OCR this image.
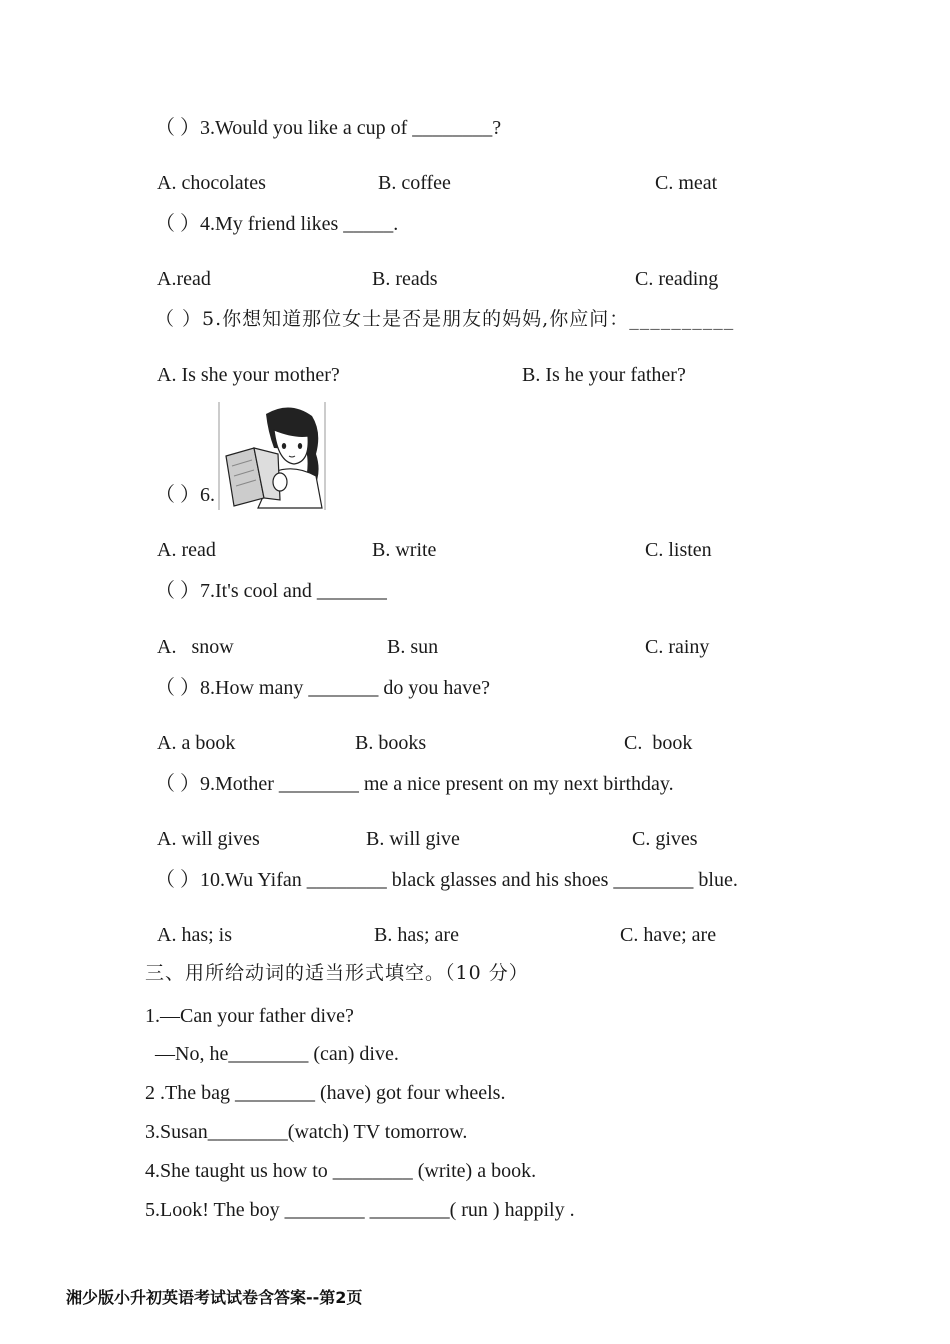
（ ）3.Would you like a cup of ________?
A. chocolates	B. coffee	C. meat
（ ）4.My friend likes _____.
A.read	B. reads	C. reading
（ ）5.你想知道那位女士是否是朋友的妈妈,你应问：__________
A. Is she your mother?	B. Is he your father?
（ ）6.
A. read	B. write	C. listen
（ ）7.It's cool and _______
A.   snow	B. sun	C. rainy
（ ）8.How many _______ do you have?
A. a book	B. books	C.  book
（ ）9.Mother ________ me a nice present on my next birthday.
A. will gives	B. will give	C. gives
（ ）10.Wu Yifan ________ black glasses and his shoes ________ blue.
A. has; is	B. has; are	C. have; are
三、用所给动词的适当形式填空。（10 分）
1.—Can your father dive?
—No, he________ (can) dive.
2 .The bag ________ (have) got four wheels.
3.Susan________(watch) TV tomorrow.
4.She taught us how to ________ (write) a book.
5.Look! The boy ________ ________( run ) happily .
湘少版小升初英语考试试卷含答案--第2页
